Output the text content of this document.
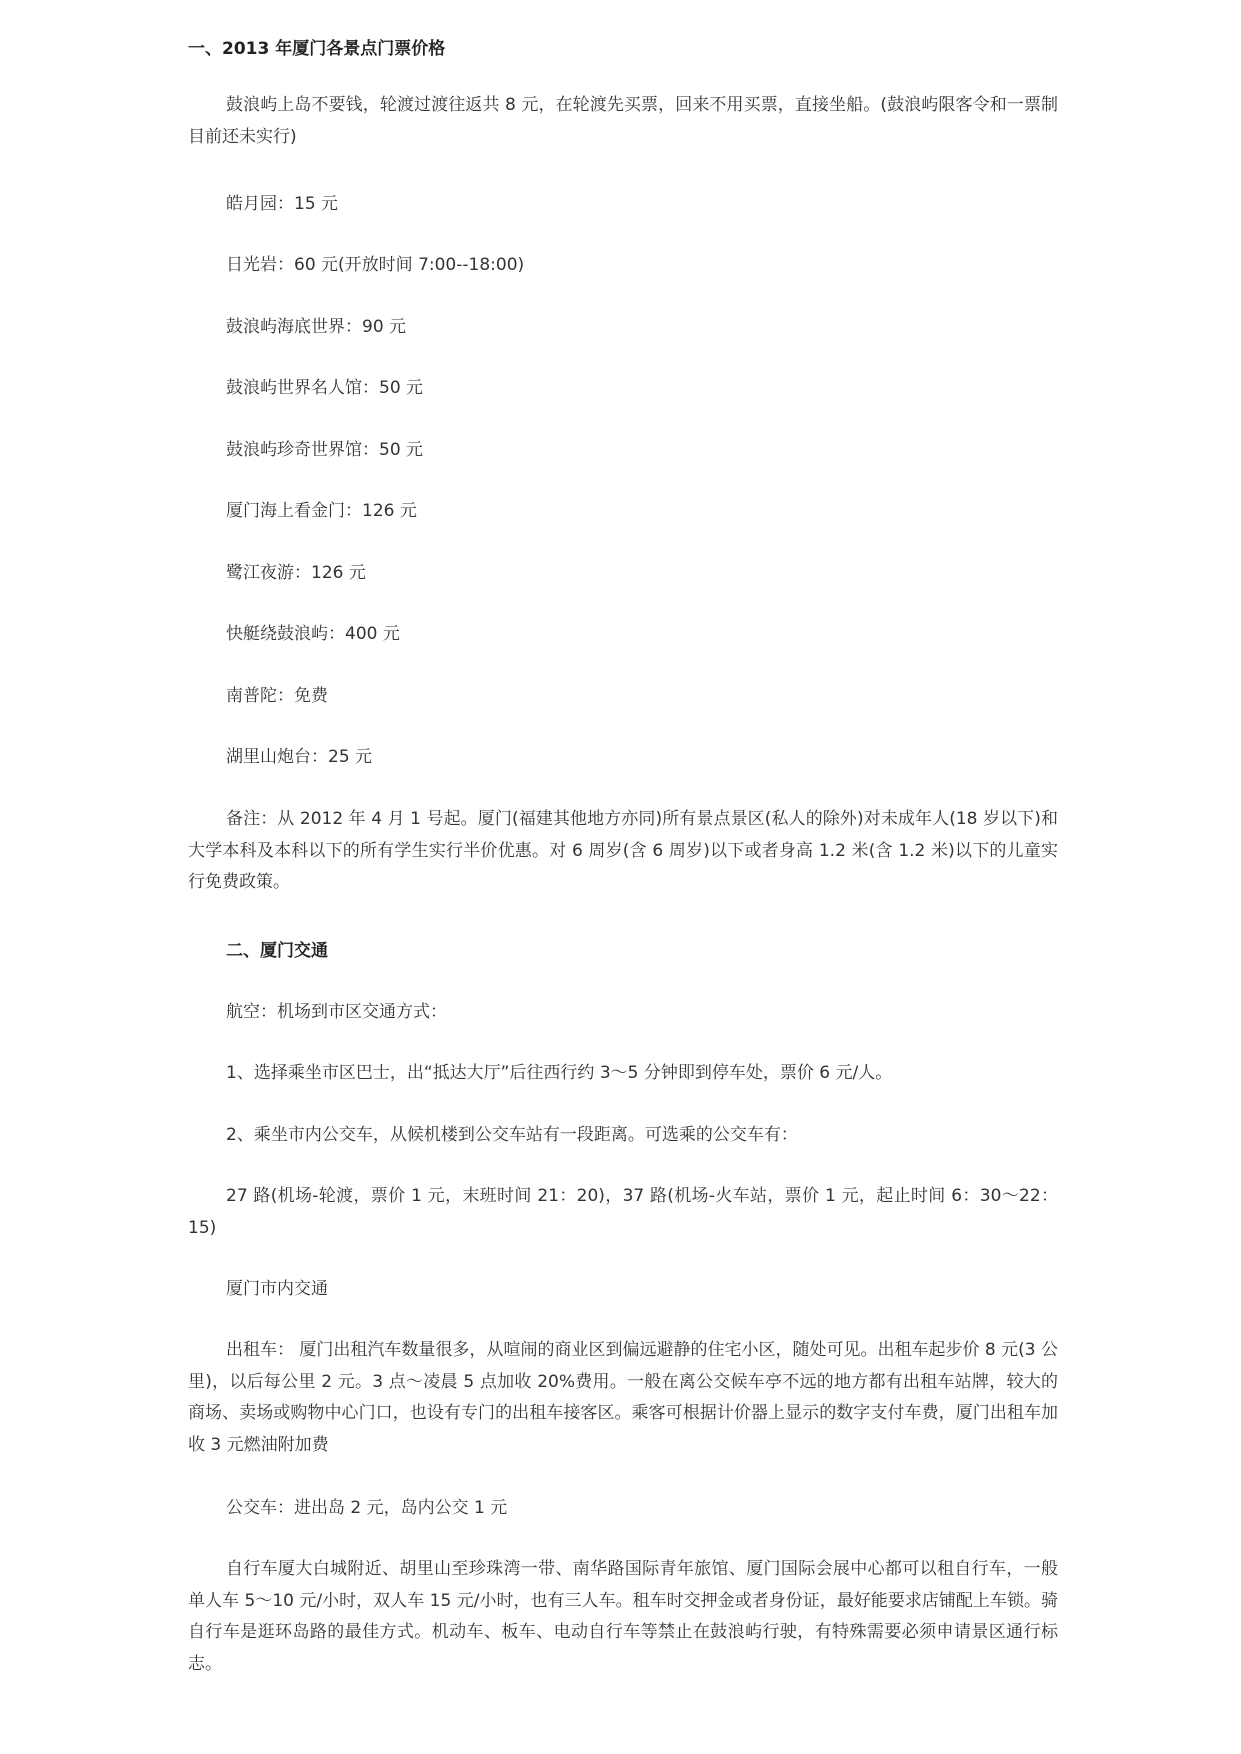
一、2013 年厦门各景点门票价格

鼓浪屿上岛不要钱，轮渡过渡往返共 8 元，在轮渡先买票，回来不用买票，直接坐船。(鼓浪屿限客令和一票制目前还未实行)

皓月园：15 元

日光岩：60 元(开放时间 7:00--18:00)

鼓浪屿海底世界：90 元

鼓浪屿世界名人馆：50 元

鼓浪屿珍奇世界馆：50 元

厦门海上看金门：126 元

鹭江夜游：126 元

快艇绕鼓浪屿：400 元

南普陀：免费

湖里山炮台：25 元

备注：从 2012 年 4 月 1 号起。厦门(福建其他地方亦同)所有景点景区(私人的除外)对未成年人(18 岁以下)和大学本科及本科以下的所有学生实行半价优惠。对 6 周岁(含 6 周岁)以下或者身高 1.2 米(含 1.2 米)以下的儿童实行免费政策。

二、厦门交通

航空：机场到市区交通方式：

1、选择乘坐市区巴士，出“抵达大厅”后往西行约 3～5 分钟即到停车处，票价 6 元/人。

2、乘坐市内公交车，从候机楼到公交车站有一段距离。可选乘的公交车有：

27 路(机场-轮渡，票价 1 元，末班时间 21：20)，37 路(机场-火车站，票价 1 元，起止时间 6：30～22：15)

厦门市内交通

出租车： 厦门出租汽车数量很多，从喧闹的商业区到偏远避静的住宅小区，随处可见。出租车起步价 8 元(3 公里)，以后每公里 2 元。3 点～凌晨 5 点加收 20%费用。一般在离公交候车亭不远的地方都有出租车站牌，较大的商场、卖场或购物中心门口，也设有专门的出租车接客区。乘客可根据计价器上显示的数字支付车费，厦门出租车加收 3 元燃油附加费

公交车：进出岛 2 元，岛内公交 1 元

自行车厦大白城附近、胡里山至珍珠湾一带、南华路国际青年旅馆、厦门国际会展中心都可以租自行车，一般单人车 5～10 元/小时，双人车 15 元/小时，也有三人车。租车时交押金或者身份证，最好能要求店铺配上车锁。骑自行车是逛环岛路的最佳方式。机动车、板车、电动自行车等禁止在鼓浪屿行驶，有特殊需要必须申请景区通行标志。
